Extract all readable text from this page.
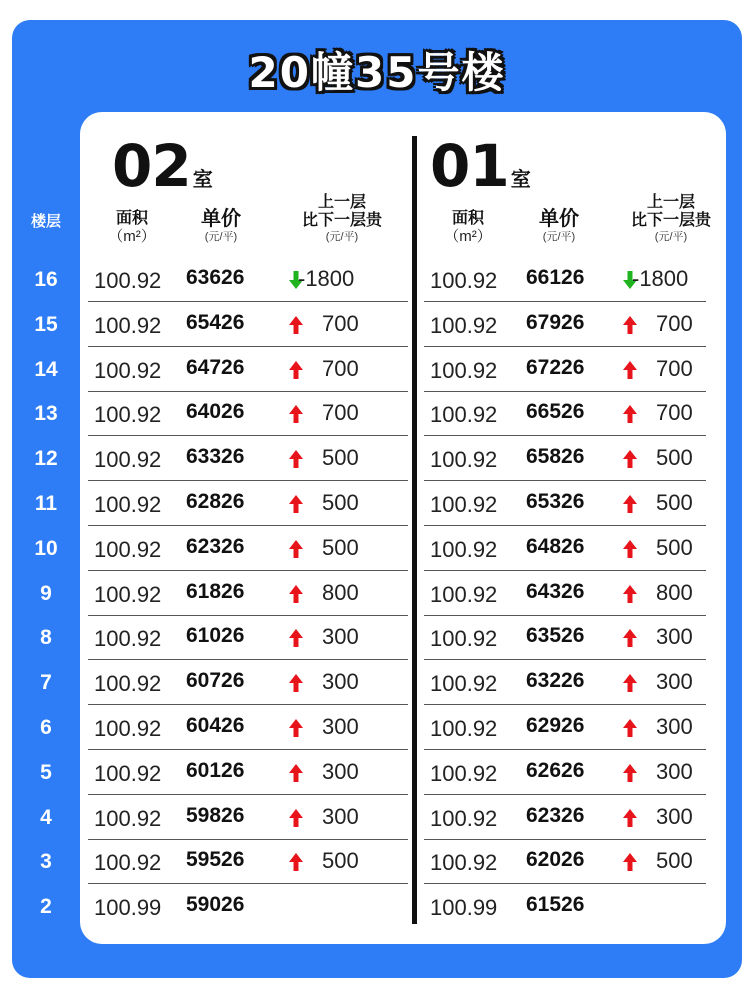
20幢35号楼
楼层
02 室
面积
（m²）
单价
(元/平)
上一层
比下一层贵
(元/平)
01 室
面积
（m²）
单价
(元/平)
上一层
比下一层贵
(元/平)
16	100.92 63626 -1800	100.92 66126 -1800
15	100.92 65426	700	100.92 67926	700
14	100.92 64726	700	100.92 67226	700
13	100.92 64026	700	100.92 66526	700
12	100.92 63326	500	100.92 65826	500
11	100.92 62826	500	100.92 65326	500
10	100.92 62326	500	100.92 64826	500
9	100.92 61826	800	100.92 64326	800
8	100.92 61026	300	100.92 63526	300
7	100.92 60726	300	100.92 63226	300
6	100.92 60426	300	100.92 62926	300
5	100.92 60126	300	100.92 62626	300
4	100.92 59826	300	100.92 62326	300
3	100.92 59526	500	100.92 62026	500
2	100.99 59026	100.99 61526
